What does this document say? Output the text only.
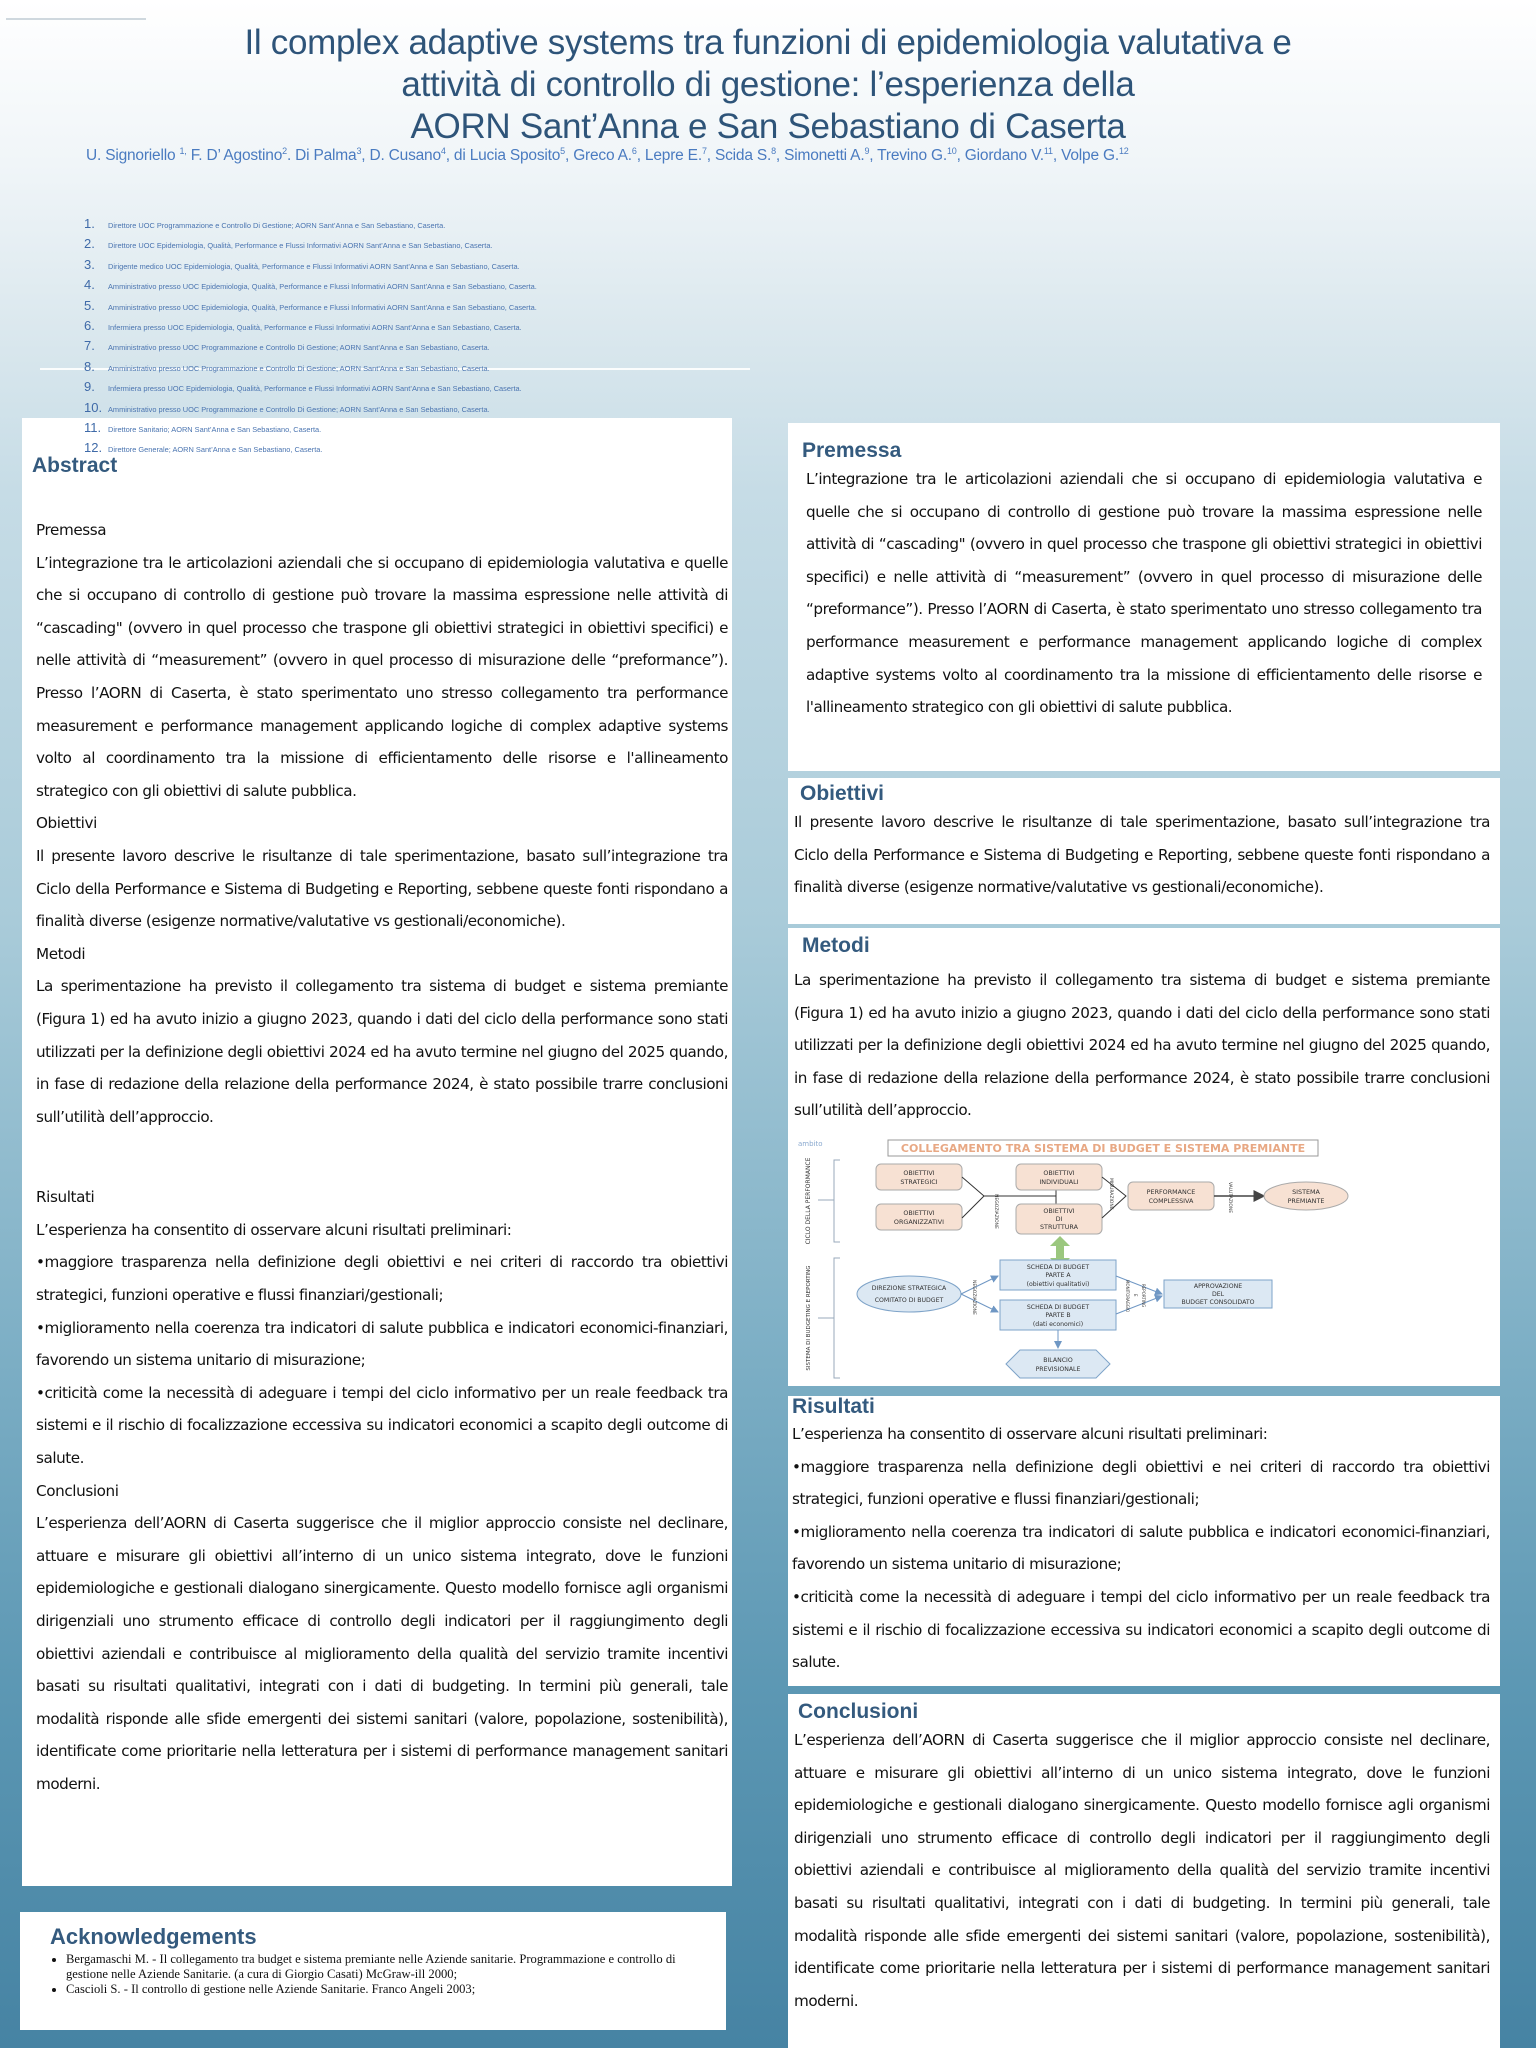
Il complex adaptive systems tra funzioni di epidemiologia valutativa e
attività di controllo di gestione: l’esperienza della
AORN Sant’Anna e San Sebastiano di Caserta
U. Signoriello $^{1,}$ F. D’ Agostino$^2$. Di Palma$^3$, D. Cusano$^4$, di Lucia Sposito$^5$, Greco A.$^6$, Lepre E.$^7$, Scida S.$^8$, Simonetti A.$^9$, Trevino G.$^{10}$, Giordano V.$^{11}$, Volpe G.$^{12}$
1.	Direttore UOC Programmazione e Controllo Di Gestione; AORN Sant’Anna e San Sebastiano, Caserta.
2.	Direttore UOC Epidemiologia, Qualità, Performance e Flussi Informativi AORN Sant’Anna e San Sebastiano, Caserta.
3.	Dirigente medico UOC Epidemiologia, Qualità, Performance e Flussi Informativi AORN Sant’Anna e San Sebastiano, Caserta.
4.	Amministrativo presso UOC Epidemiologia, Qualità, Performance e Flussi Informativi AORN Sant’Anna e San Sebastiano, Caserta.
5.	Amministrativo presso UOC Epidemiologia, Qualità, Performance e Flussi Informativi AORN Sant’Anna e San Sebastiano, Caserta.
6.	Infermiera presso UOC Epidemiologia, Qualità, Performance e Flussi Informativi AORN Sant’Anna e San Sebastiano, Caserta.
7.	Amministrativo presso UOC Programmazione e Controllo Di Gestione; AORN Sant’Anna e San Sebastiano, Caserta.
8.	Amministrativo presso UOC Programmazione e Controllo Di Gestione; AORN Sant’Anna e San Sebastiano, Caserta.
9.	Infermiera presso UOC Epidemiologia, Qualità, Performance e Flussi Informativi AORN Sant’Anna e San Sebastiano, Caserta.
10. Amministrativo presso UOC Programmazione e Controllo Di Gestione; AORN Sant’Anna e San Sebastiano, Caserta.
11. Direttore Sanitario; AORN Sant’Anna e San Sebastiano, Caserta.
12. Direttore Generale; AORN Sant’Anna e San Sebastiano, Caserta.
Abstract

Premessa

L’integrazione tra le articolazioni aziendali che si occupano di epidemiologia valutativa e quelle che si occupano di controllo di gestione può trovare la massima espressione nelle attività di “cascading" (ovvero in quel processo che traspone gli obiettivi strategici in obiettivi specifici) e nelle attività di “measurement” (ovvero in quel processo di misurazione delle “preformance”). Presso l’AORN di Caserta, è stato sperimentato uno stresso collegamento tra performance measurement e performance management applicando logiche di complex adaptive systems volto al coordinamento tra la missione di efficientamento delle risorse e l'allineamento strategico con gli obiettivi di salute pubblica.

Obiettivi

Il presente lavoro descrive le risultanze di tale sperimentazione, basato sull’integrazione tra Ciclo della Performance e Sistema di Budgeting e Reporting, sebbene queste fonti rispondano a finalità diverse (esigenze normative/valutative vs gestionali/economiche).

Metodi

La sperimentazione ha previsto il collegamento tra sistema di budget e sistema premiante (Figura 1) ed ha avuto inizio a giugno 2023, quando i dati del ciclo della performance sono stati utilizzati per la definizione degli obiettivi 2024 ed ha avuto termine nel giugno del 2025 quando, in fase di redazione della relazione della performance 2024, è stato possibile trarre conclusioni sull’utilità dell’approccio.

Risultati

L’esperienza ha consentito di osservare alcuni risultati preliminari:

•maggiore trasparenza nella definizione degli obiettivi e nei criteri di raccordo tra obiettivi strategici, funzioni operative e flussi finanziari/gestionali;

•miglioramento nella coerenza tra indicatori di salute pubblica e indicatori economici-finanziari, favorendo un sistema unitario di misurazione;

•criticità come la necessità di adeguare i tempi del ciclo informativo per un reale feedback tra sistemi e il rischio di focalizzazione eccessiva su indicatori economici a scapito degli outcome di salute.

Conclusioni

L’esperienza dell’AORN di Caserta suggerisce che il miglior approccio consiste nel declinare, attuare e misurare gli obiettivi all’interno di un unico sistema integrato, dove le funzioni epidemiologiche e gestionali dialogano sinergicamente. Questo modello fornisce agli organismi dirigenziali uno strumento efficace di controllo degli indicatori per il raggiungimento degli obiettivi aziendali e contribuisce al miglioramento della qualità del servizio tramite incentivi basati su risultati qualitativi, integrati con i dati di budgeting. In termini più generali, tale modalità risponde alle sfide emergenti dei sistemi sanitari (valore, popolazione, sostenibilità), identificate come prioritarie nella letteratura per i sistemi di performance management sanitari moderni.

Acknowledgements
• Bergamaschi M. - Il collegamento tra budget e sistema premiante nelle Aziende sanitarie. Programmazione e controllo di gestione nelle Aziende Sanitarie. (a cura di Giorgio Casati) McGraw-ill 2000;
• Cascioli S. - Il controllo di gestione nelle Aziende Sanitarie. Franco Angeli 2003;
Premessa

L’integrazione tra le articolazioni aziendali che si occupano di epidemiologia valutativa e quelle che si occupano di controllo di gestione può trovare la massima espressione nelle attività di “cascading" (ovvero in quel processo che traspone gli obiettivi strategici in obiettivi specifici) e nelle attività di “measurement” (ovvero in quel processo di misurazione delle “preformance”). Presso l’AORN di Caserta, è stato sperimentato uno stresso collegamento tra performance measurement e performance management applicando logiche di complex adaptive systems volto al coordinamento tra la missione di efficientamento delle risorse e l'allineamento strategico con gli obiettivi di salute pubblica.

Obiettivi

Il presente lavoro descrive le risultanze di tale sperimentazione, basato sull’integrazione tra Ciclo della Performance e Sistema di Budgeting e Reporting, sebbene queste fonti rispondano a finalità diverse (esigenze normative/valutative vs gestionali/economiche).

Metodi

La sperimentazione ha previsto il collegamento tra sistema di budget e sistema premiante (Figura 1) ed ha avuto inizio a giugno 2023, quando i dati del ciclo della performance sono stati utilizzati per la definizione degli obiettivi 2024 ed ha avuto termine nel giugno del 2025 quando, in fase di redazione della relazione della performance 2024, è stato possibile trarre conclusioni sull’utilità dell’approccio.

ambito	COLLEGAMENTO TRA SISTEMA DI BUDGET E SISTEMA PREMIANTE
CICLO DELLA PERFORMANCE	OBIETTIVI
STRATEGICI
OBIETTIVI
ORGANIZZATIVI	NEGOZIAZIONE
OBIETTIVI
INDIVIDUALI
OBIETTIVI
DI
STRUTTURA
MISURAZIONE	PERFORMANCE
COMPLESSIVA	VALUTAZIONE	SISTEMA
PREMIANTE
SISTEMA DI BUDGETING E REPORTING	DIREZIONE STRATEGICA
COMITATO DI BUDGET	NEGOZIAZIONE
SCHEDA DI BUDGET
PARTE A
(obiettivi qualitativi)
SCHEDA DI BUDGET
PARTE B
(dati economici)
MONITORAGGIO E REPORTING	APPROVAZIONE
DEL
BUDGET CONSOLIDATO
BILANCIO
PREVISIONALE
Risultati

L’esperienza ha consentito di osservare alcuni risultati preliminari:

•maggiore trasparenza nella definizione degli obiettivi e nei criteri di raccordo tra obiettivi strategici, funzioni operative e flussi finanziari/gestionali;

•miglioramento nella coerenza tra indicatori di salute pubblica e indicatori economici-finanziari, favorendo un sistema unitario di misurazione;

•criticità come la necessità di adeguare i tempi del ciclo informativo per un reale feedback tra sistemi e il rischio di focalizzazione eccessiva su indicatori economici a scapito degli outcome di salute.

Conclusioni

L’esperienza dell’AORN di Caserta suggerisce che il miglior approccio consiste nel declinare, attuare e misurare gli obiettivi all’interno di un unico sistema integrato, dove le funzioni epidemiologiche e gestionali dialogano sinergicamente. Questo modello fornisce agli organismi dirigenziali uno strumento efficace di controllo degli indicatori per il raggiungimento degli obiettivi aziendali e contribuisce al miglioramento della qualità del servizio tramite incentivi basati su risultati qualitativi, integrati con i dati di budgeting. In termini più generali, tale modalità risponde alle sfide emergenti dei sistemi sanitari (valore, popolazione, sostenibilità), identificate come prioritarie nella letteratura per i sistemi di performance management sanitari moderni.
